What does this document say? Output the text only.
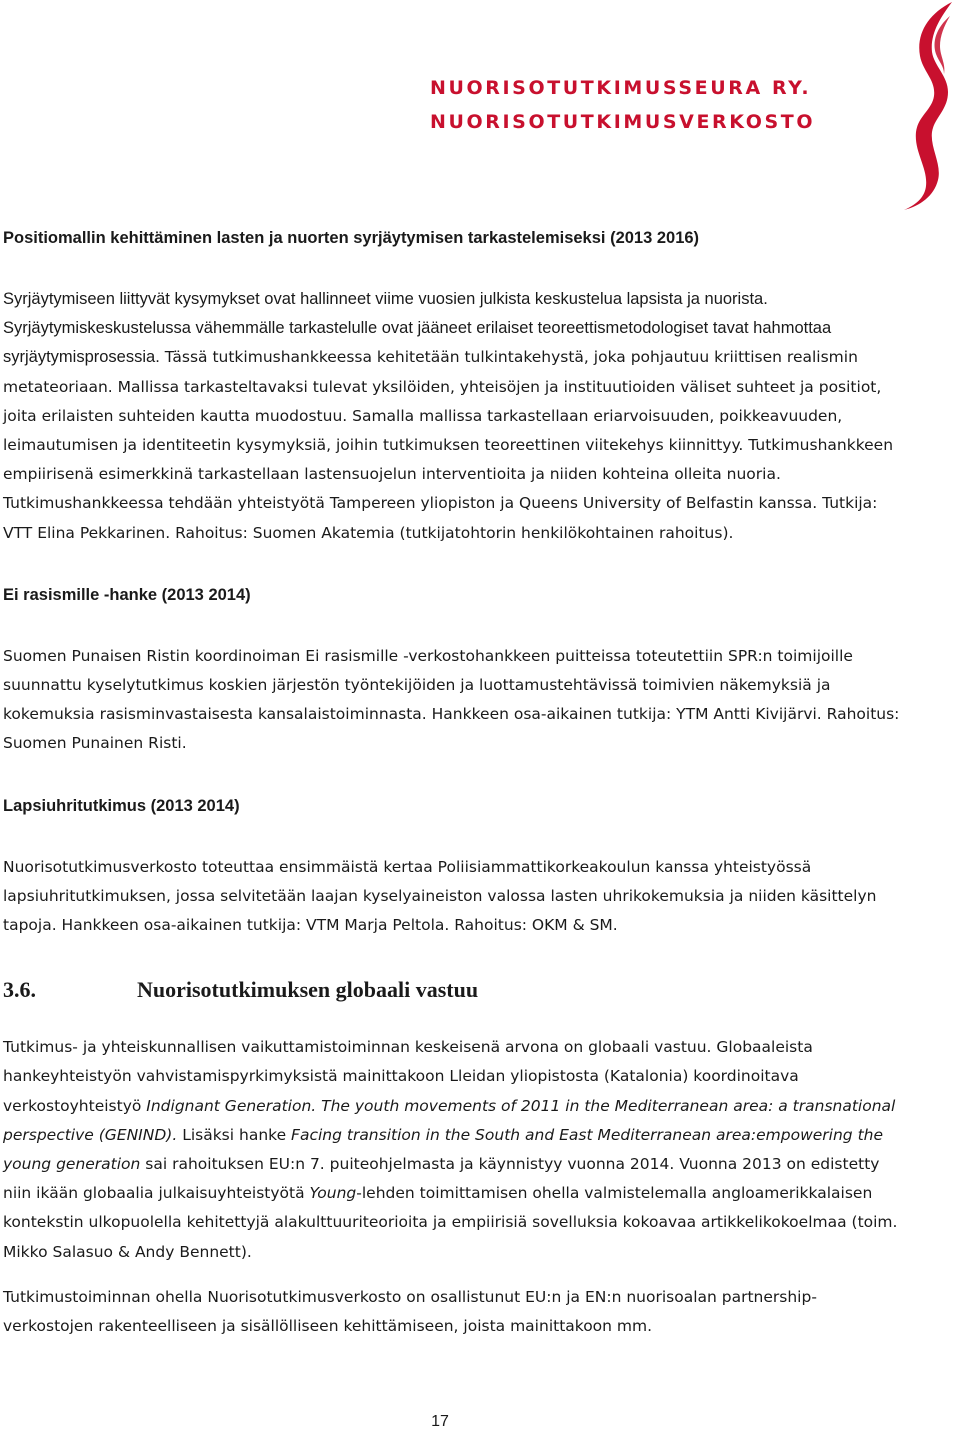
NUORISOTUTKIMUSSEURA RY.
NUORISOTUTKIMUSVERKOSTO
Positiomallin kehittäminen lasten ja nuorten syrjäytymisen tarkastelemiseksi (2013 2016)

Syrjäytymiseen liittyvät kysymykset ovat hallinneet viime vuosien julkista keskustelua lapsista ja nuorista. Syrjäytymiskeskustelussa vähemmälle tarkastelulle ovat jääneet erilaiset teoreettismetodologiset tavat hahmottaa syrjäytymisprosessia. Tässä tutkimushankkeessa kehitetään tulkintakehystä, joka pohjautuu kriittisen realismin metateoriaan. Mallissa tarkasteltavaksi tulevat yksilöiden, yhteisöjen ja instituutioiden väliset suhteet ja positiot, joita erilaisten suhteiden kautta muodostuu. Samalla mallissa tarkastellaan eriarvoisuuden, poikkeavuuden, leimautumisen ja identiteetin kysymyksiä, joihin tutkimuksen teoreettinen viitekehys kiinnittyy. Tutkimushankkeen empiirisenä esimerkkinä tarkastellaan lastensuojelun interventioita ja niiden kohteina olleita nuoria. Tutkimushankkeessa tehdään yhteistyötä Tampereen yliopiston ja Queens University of Belfastin kanssa. Tutkija: VTT Elina Pekkarinen. Rahoitus: Suomen Akatemia (tutkijatohtorin henkilökohtainen rahoitus).

Ei rasismille -hanke (2013 2014)

Suomen Punaisen Ristin koordinoiman Ei rasismille -verkostohankkeen puitteissa toteutettiin SPR:n toimijoille suunnattu kyselytutkimus koskien järjestön työntekijöiden ja luottamustehtävissä toimivien näkemyksiä ja kokemuksia rasisminvastaisesta kansalaistoiminnasta. Hankkeen osa-aikainen tutkija: YTM Antti Kivijärvi. Rahoitus: Suomen Punainen Risti.

Lapsiuhritutkimus (2013 2014)

Nuorisotutkimusverkosto toteuttaa ensimmäistä kertaa Poliisiammattikorkeakoulun kanssa yhteistyössä lapsiuhritutkimuksen, jossa selvitetään laajan kyselyaineiston valossa lasten uhrikokemuksia ja niiden käsittelyn tapoja. Hankkeen osa-aikainen tutkija: VTM Marja Peltola. Rahoitus: OKM & SM.

3.6.	Nuorisotutkimuksen globaali vastuu

Tutkimus- ja yhteiskunnallisen vaikuttamistoiminnan keskeisenä arvona on globaali vastuu. Globaaleista hankeyhteistyön vahvistamispyrkimyksistä mainittakoon Lleidan yliopistosta (Katalonia) koordinoitava verkostoyhteistyö Indignant Generation. The youth movements of 2011 in the Mediterranean area: a transnational perspective (GENIND). Lisäksi hanke Facing transition in the South and East Mediterranean area:empowering the young generation sai rahoituksen EU:n 7. puiteohjelmasta ja käynnistyy vuonna 2014. Vuonna 2013 on edistetty niin ikään globaalia julkaisuyhteistyötä Young-lehden toimittamisen ohella valmistelemalla angloamerikkalaisen kontekstin ulkopuolella kehitettyjä alakulttuuriteorioita ja empiirisiä sovelluksia kokoavaa artikkelikokoelmaa (toim. Mikko Salasuo & Andy Bennett).

Tutkimustoiminnan ohella Nuorisotutkimusverkosto on osallistunut EU:n ja EN:n nuorisoalan partnership-verkostojen rakenteelliseen ja sisällölliseen kehittämiseen, joista mainittakoon mm.

17
